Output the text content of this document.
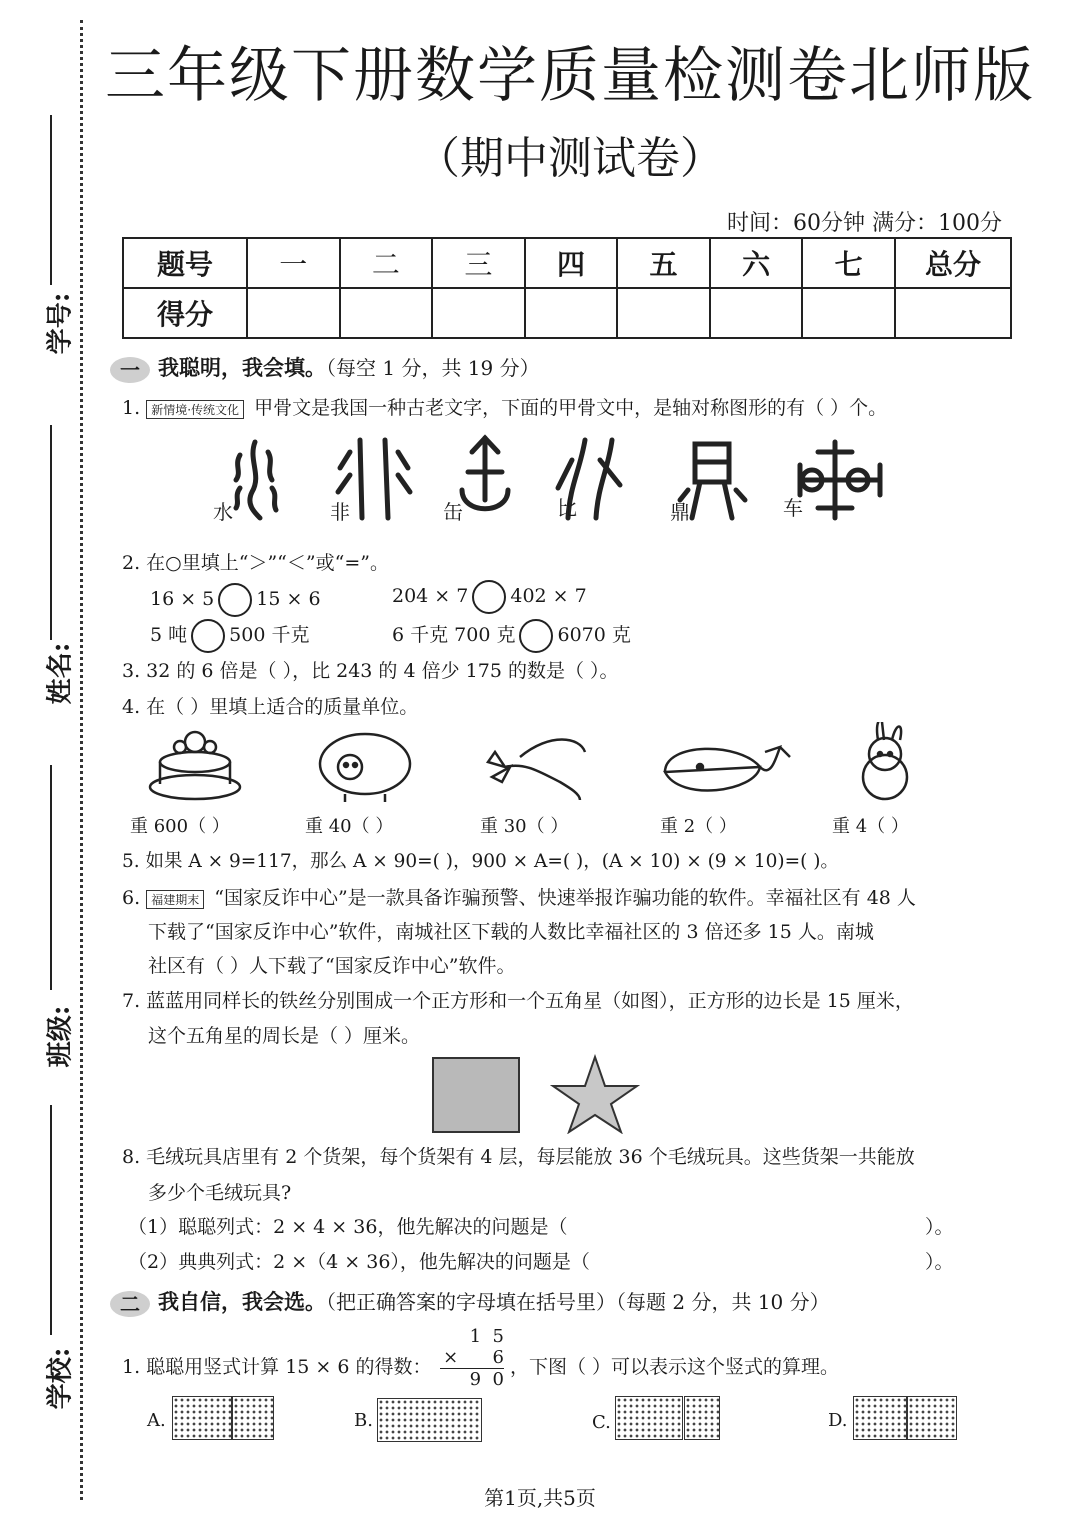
学号:
姓名:
班级:
学校:
三年级下册数学质量检测卷北师版
（期中测试卷）
时间：60分钟 满分：100分
题号	一	二	三	四	五	六	七	总分
得分								
一 我聪明，我会填。（每空 1 分，共 19 分）
1. 新情境·传统文化 甲骨文是我国一种古老文字，下面的甲骨文中，是轴对称图形的有（ ）个。
水	非	缶	比	鼎	车
2. 在○里填上“＞”“＜”或“=”。
16 × 5 15 × 6	204 × 7 402 × 7
5 吨 500 千克	6 千克 700 克 6070 克
3. 32 的 6 倍是（ ），比 243 的 4 倍少 175 的数是（ ）。
4. 在（ ）里填上适合的质量单位。
重 600（ ）	重 40（ ）	重 30（ ）	重 2（ ）	重 4（ ）
5. 如果 A × 9=117，那么 A × 90=( )，900 × A=( )，(A × 10) × (9 × 10)=( )。
6. 福建期末 “国家反诈中心”是一款具备诈骗预警、快速举报诈骗功能的软件。幸福社区有 48 人
下载了“国家反诈中心”软件，南城社区下载的人数比幸福社区的 3 倍还多 15 人。南城
社区有（ ）人下载了“国家反诈中心”软件。
7. 蓝蓝用同样长的铁丝分别围成一个正方形和一个五角星（如图），正方形的边长是 15 厘米，
这个五角星的周长是（ ）厘米。
8. 毛绒玩具店里有 2 个货架，每个货架有 4 层，每层能放 36 个毛绒玩具。这些货架一共能放
多少个毛绒玩具?
（1）聪聪列式：2 × 4 × 36，他先解决的问题是（	）。
（2）典典列式：2 ×（4 × 36），他先解决的问题是（	）。
二 我自信，我会选。（把正确答案的字母填在括号里）（每题 2 分，共 10 分）
1. 聪聪用竖式计算 15 × 6 的得数：
1  5
×      6
9  0
，下图（ ）可以表示这个竖式的算理。
A.	B.	C.	D.
第1页,共5页
